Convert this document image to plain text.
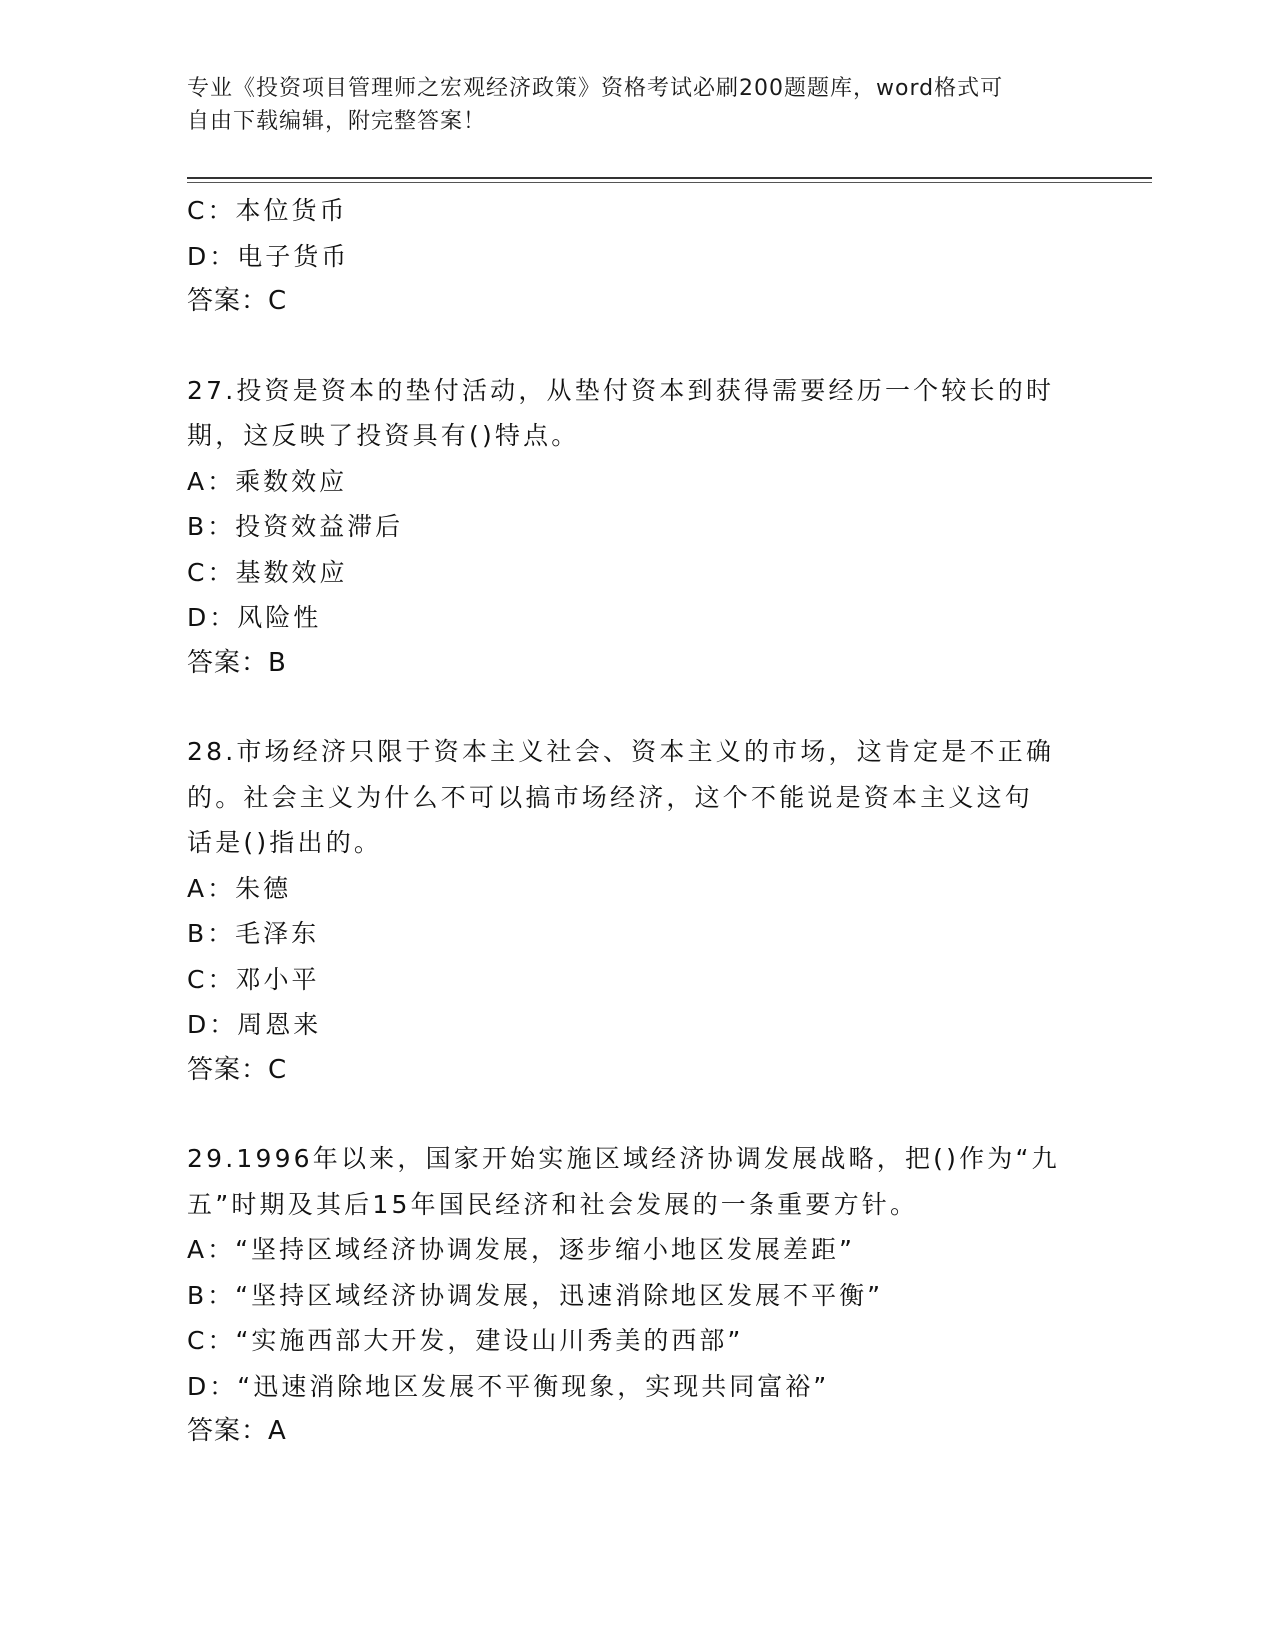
专业《投资项目管理师之宏观经济政策》资格考试必刷200题题库，word格式可
自由下载编辑，附完整答案！
C：本位货币
D：电子货币
答案：C
27.投资是资本的垫付活动，从垫付资本到获得需要经历一个较长的时
期，这反映了投资具有()特点。
A：乘数效应
B：投资效益滞后
C：基数效应
D：风险性
答案：B
28.市场经济只限于资本主义社会、资本主义的市场，这肯定是不正确
的。社会主义为什么不可以搞市场经济，这个不能说是资本主义这句
话是()指出的。
A：朱德
B：毛泽东
C：邓小平
D：周恩来
答案：C
29.1996年以来，国家开始实施区域经济协调发展战略，把()作为“九
五”时期及其后15年国民经济和社会发展的一条重要方针。
A：“坚持区域经济协调发展，逐步缩小地区发展差距”
B：“坚持区域经济协调发展，迅速消除地区发展不平衡”
C：“实施西部大开发，建设山川秀美的西部”
D：“迅速消除地区发展不平衡现象，实现共同富裕”
答案：A
